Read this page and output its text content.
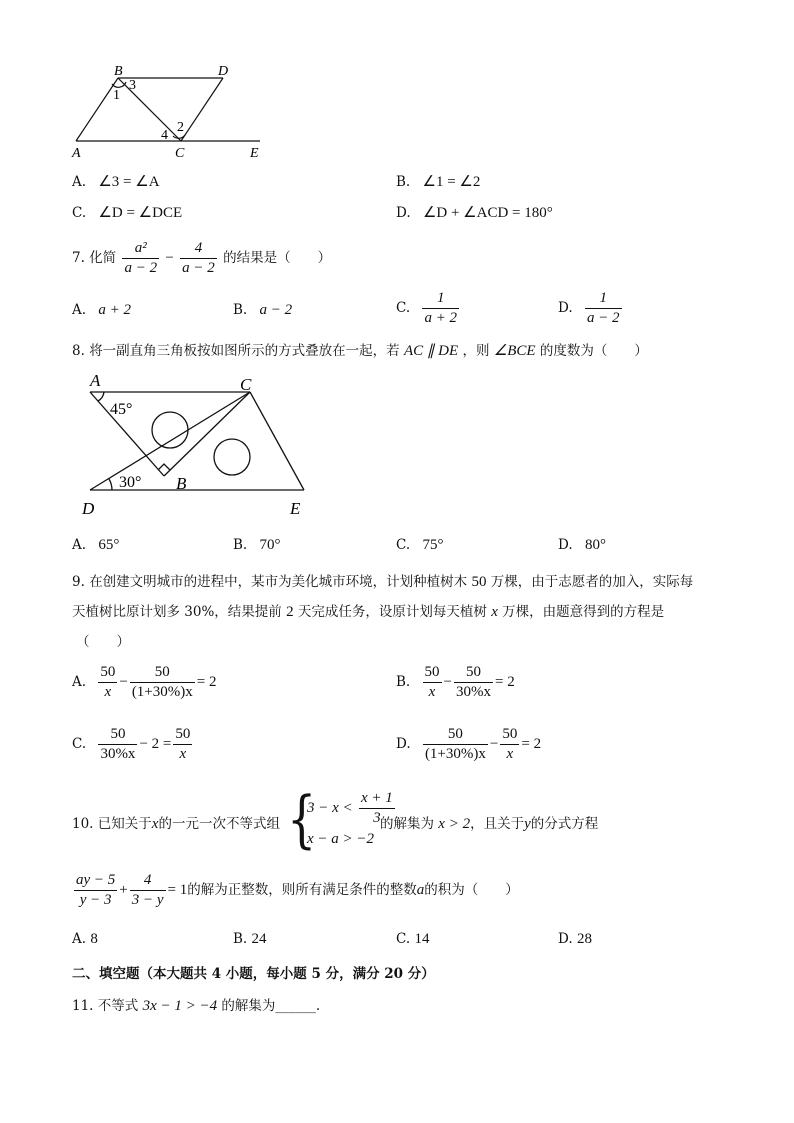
B	D
A	C	E
1
3
4
2
A. ∠3 = ∠A	B. ∠1 = ∠2
C. ∠D = ∠DCE	D. ∠D + ∠ACD = 180°
7. 化简 $\frac{\text{a²}}{a - 2} - \frac{4}{a - 2}$ 的结果是（　　）
A. a + 2	B. a − 2	C. $\frac{1}{a + 2}$	D. $\frac{1}{a - 2}$
8. 将一副直角三角板按如图所示的方式叠放在一起，若 AC ∥ DE ，则 ∠BCE 的度数为（　　）
A	C
B
D	E
45°
30°
A. 65°	B. 70°	C. 75°	D. 80°
9. 在创建文明城市的进程中，某市为美化城市环境，计划种植树木 50 万棵，由于志愿者的加入，实际每
天植树比原计划多 30%，结果提前 2 天完成任务，设原计划每天植树 x 万棵，由题意得到的方程是
（　　）
A. $\frac{50}{x} - \frac{50}{(1+30\%)x} = 2$	B. $\frac{50}{x} - \frac{50}{30\%x} = 2$
C. $\frac{50}{30\%x} - 2 = \frac{50}{x}$	D. $\frac{50}{(1+30\%)x} - \frac{50}{x} = 2$
10. 已知关于x的一元一次不等式组 {
$3 - x < \frac{x + 1}{3}$
x − a > −2
的解集为 x > 2，且关于y的分式方程
$\frac{ay - 5}{y - 3} + \frac{4}{3 - y} = 1$的解为正整数，则所有满足条件的整数a的积为（　　）
A. 8	B. 24	C. 14	D. 28
二、填空题（本大题共 4 小题，每小题 5 分，满分 20 分）
11. 不等式 3x − 1 > −4 的解集为______.
